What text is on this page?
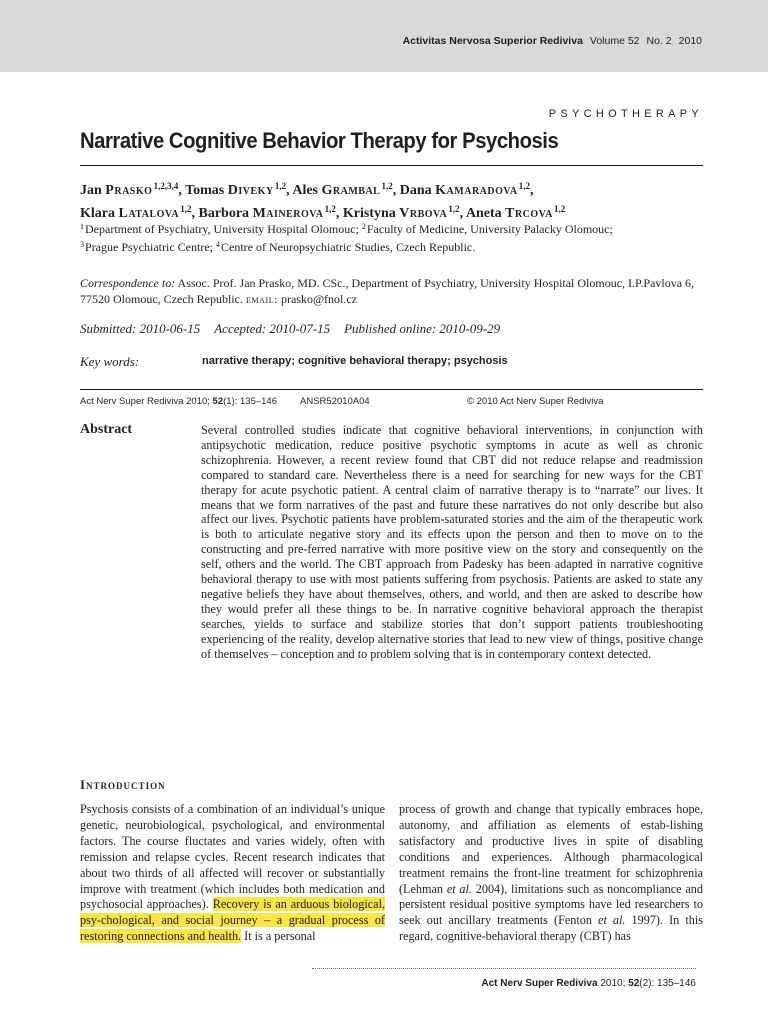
Activitas Nervosa Superior Rediviva Volume 52 No. 2 2010
PSYCHOTHERAPY
Narrative Cognitive Behavior Therapy for Psychosis
Jan Prasko $^{1,2,3,4}$, Tomas Diveky $^{1,2}$, Ales Grambal $^{1,2}$, Dana Kamaradova $^{1,2}$,
Klara Latalova $^{1,2}$, Barbora Mainerova $^{1,2}$, Kristyna Vrbova $^{1,2}$, Aneta Trcova $^{1,2}$
$^1$ Department of Psychiatry, University Hospital Olomouc; $^2$ Faculty of Medicine, University Palacky Olomouc;
$^3$ Prague Psychiatric Centre; $^4$ Centre of Neuropsychiatric Studies, Czech Republic.
Correspondence to: Assoc. Prof. Jan Prasko, MD. CSc., Department of Psychiatry, University Hospital Olomouc, I.P.Pavlova 6, 77520 Olomouc, Czech Republic. email: prasko@fnol.cz
Submitted: 2010-06-15 Accepted: 2010-07-15 Published online: 2010-09-29
Key words:	narrative therapy; cognitive behavioral therapy; psychosis
Act Nerv Super Rediviva 2010; 52(1): 135–146 ANSR52010A04	© 2010 Act Nerv Super Rediviva
Abstract	Several controlled studies indicate that cognitive behavioral interventions, in conjunction with antipsychotic medication, reduce positive psychotic symptoms in acute as well as chronic schizophrenia. However, a recent review found that CBT did not reduce relapse and readmission compared to standard care. Nevertheless there is a need for searching for new ways for the CBT therapy for acute psychotic patient. A central claim of narrative therapy is to “narrate” our lives. It means that we form narratives of the past and future these narratives do not only describe but also affect our lives. Psychotic patients have problem-saturated stories and the aim of the therapeutic work is both to articulate negative story and its effects upon the person and then to move on to the constructing and pre-ferred narrative with more positive view on the story and consequently on the self, others and the world. The CBT approach from Padesky has been adapted in narrative cognitive behavioral therapy to use with most patients suffering from psychosis. Patients are asked to state any negative beliefs they have about themselves, others, and world, and then are asked to describe how they would prefer all these things to be. In narrative cognitive behavioral approach the therapist searches, yields to surface and stabilize stories that don’t support patients troubleshooting experiencing of the reality, develop alternative stories that lead to new view of things, positive change of themselves – conception and to problem solving that is in contemporary context detected.
Introduction
Psychosis consists of a combination of an individual’s unique genetic, neurobiological, psychological, and environmental factors. The course fluctates and varies widely, often with remission and relapse cycles. Recent research indicates that about two thirds of all affected will recover or substantially improve with treatment (which includes both medication and psychosocial approaches). Recovery is an arduous biological, psy-chological, and social journey – a gradual process of restoring connections and health. It is a personal
process of growth and change that typically embraces hope, autonomy, and affiliation as elements of estab-lishing satisfactory and productive lives in spite of disabling conditions and experiences. Although pharmacological treatment remains the front-line treatment for schizophrenia (Lehman et al. 2004), limitations such as noncompliance and persistent residual positive symptoms have led researchers to seek out ancillary treatments (Fenton et al. 1997). In this regard, cognitive-behavioral therapy (CBT) has
Act Nerv Super Rediviva 2010; 52(2): 135–146
